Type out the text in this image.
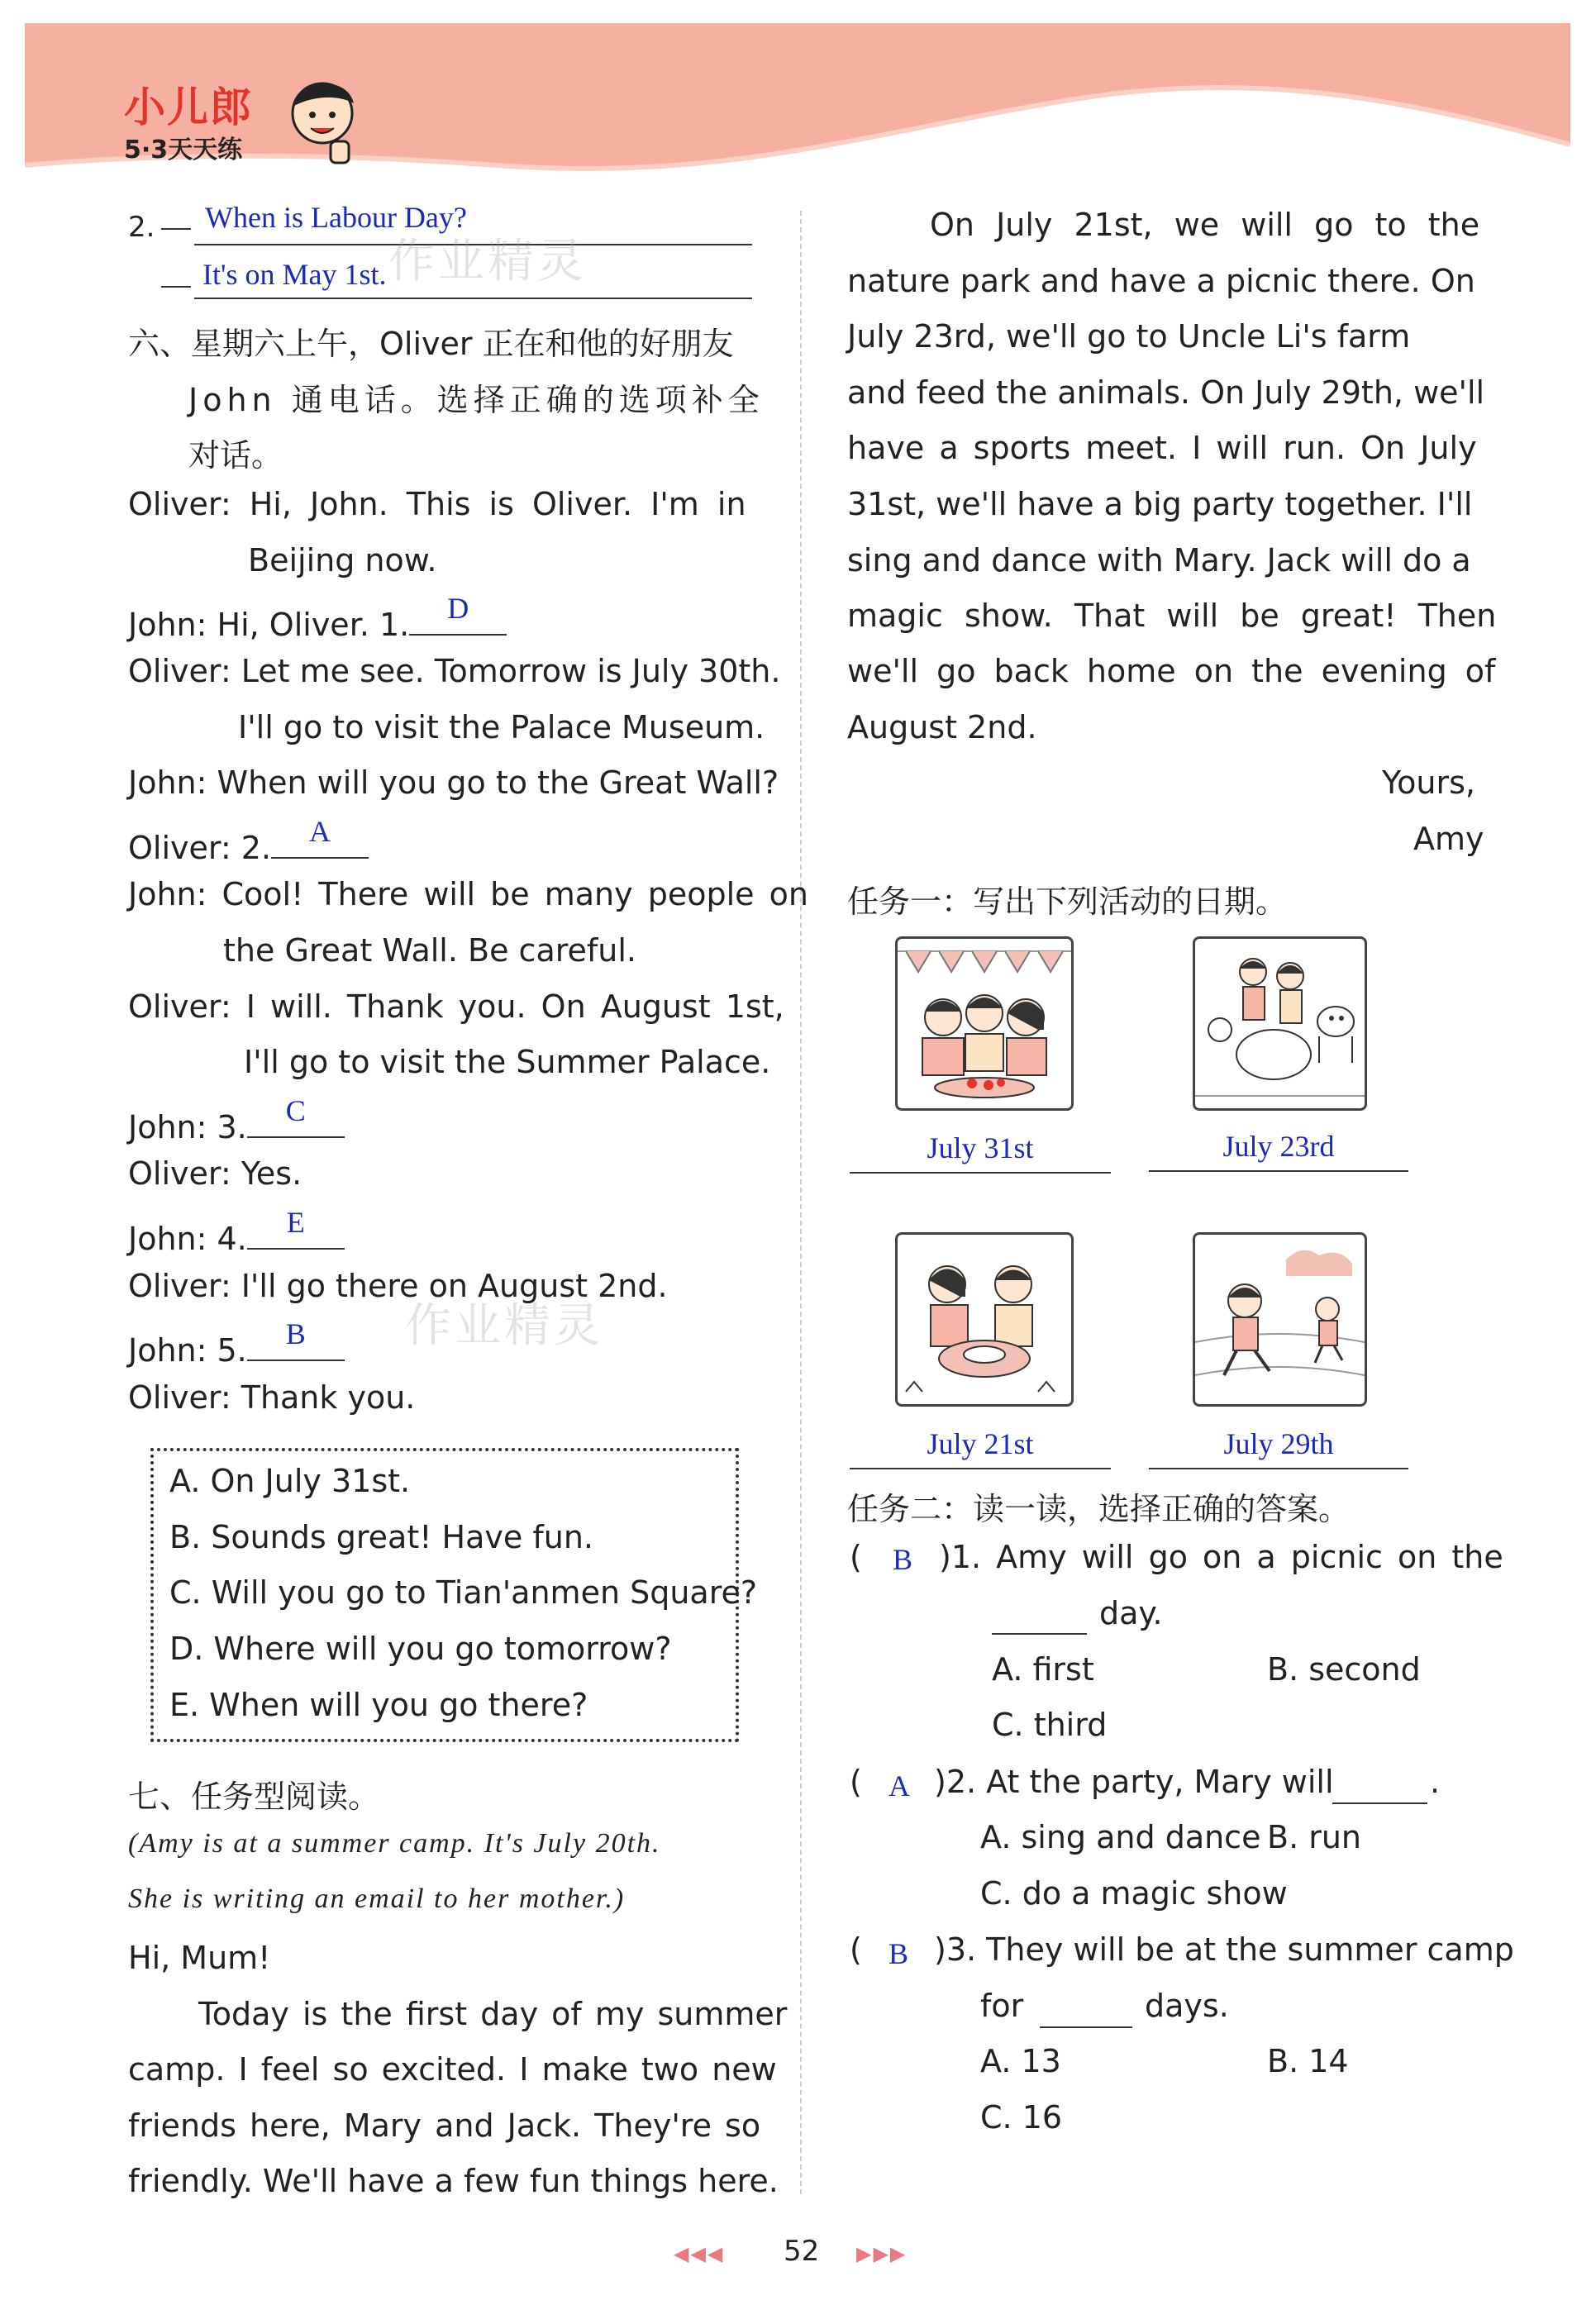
小儿郎
5·3天天练
2. When is Labour Day?
It's on May 1st. 作业精灵
六、星期六上午，Oliver 正在和他的好朋友
John 通电话。选择正确的选项补全
对话。
Oliver: Hi, John. This is Oliver. I'm in
Beijing now.
John: Hi, Oliver. 1.	D
Oliver: Let me see. Tomorrow is July 30th.
I'll go to visit the Palace Museum.
John: When will you go to the Great Wall?
Oliver: 2.	A
John: Cool! There will be many people on
the Great Wall. Be careful.
Oliver: I will. Thank you. On August 1st,
I'll go to visit the Summer Palace.
John: 3.	C
Oliver: Yes.
John: 4.	E
Oliver: I'll go there on August 2nd.
作业精灵
John: 5.	B
Oliver: Thank you.
A. On July 31st.
B. Sounds great! Have fun.
C. Will you go to Tian'anmen Square?
D. Where will you go tomorrow?
E. When will you go there?
七、任务型阅读。
(Amy is at a summer camp. It's July 20th.
She is writing an email to her mother.)
Hi, Mum!
Today is the first day of my summer
camp. I feel so excited. I make two new
friends here, Mary and Jack. They're so
friendly. We'll have a few fun things here.
On July 21st, we will go to the
nature park and have a picnic there. On
July 23rd, we'll go to Uncle Li's farm
and feed the animals. On July 29th, we'll
have a sports meet. I will run. On July
31st, we'll have a big party together. I'll
sing and dance with Mary. Jack will do a
magic show. That will be great! Then
we'll go back home on the evening of
August 2nd.
Yours,
Amy
任务一：写出下列活动的日期。
July 31st	July 23rd
July 21st	July 29th
任务二：读一读，选择正确的答案。
( B )1. Amy will go on a picnic on the
day.
A. first	B. second
C. third
( A )2. At the party, Mary will	.
A. sing and dance B. run
C. do a magic show
( B )3. They will be at the summer camp
for	days.
A. 13	B. 14
C. 16
◀◀◀ 52 ▶▶▶
